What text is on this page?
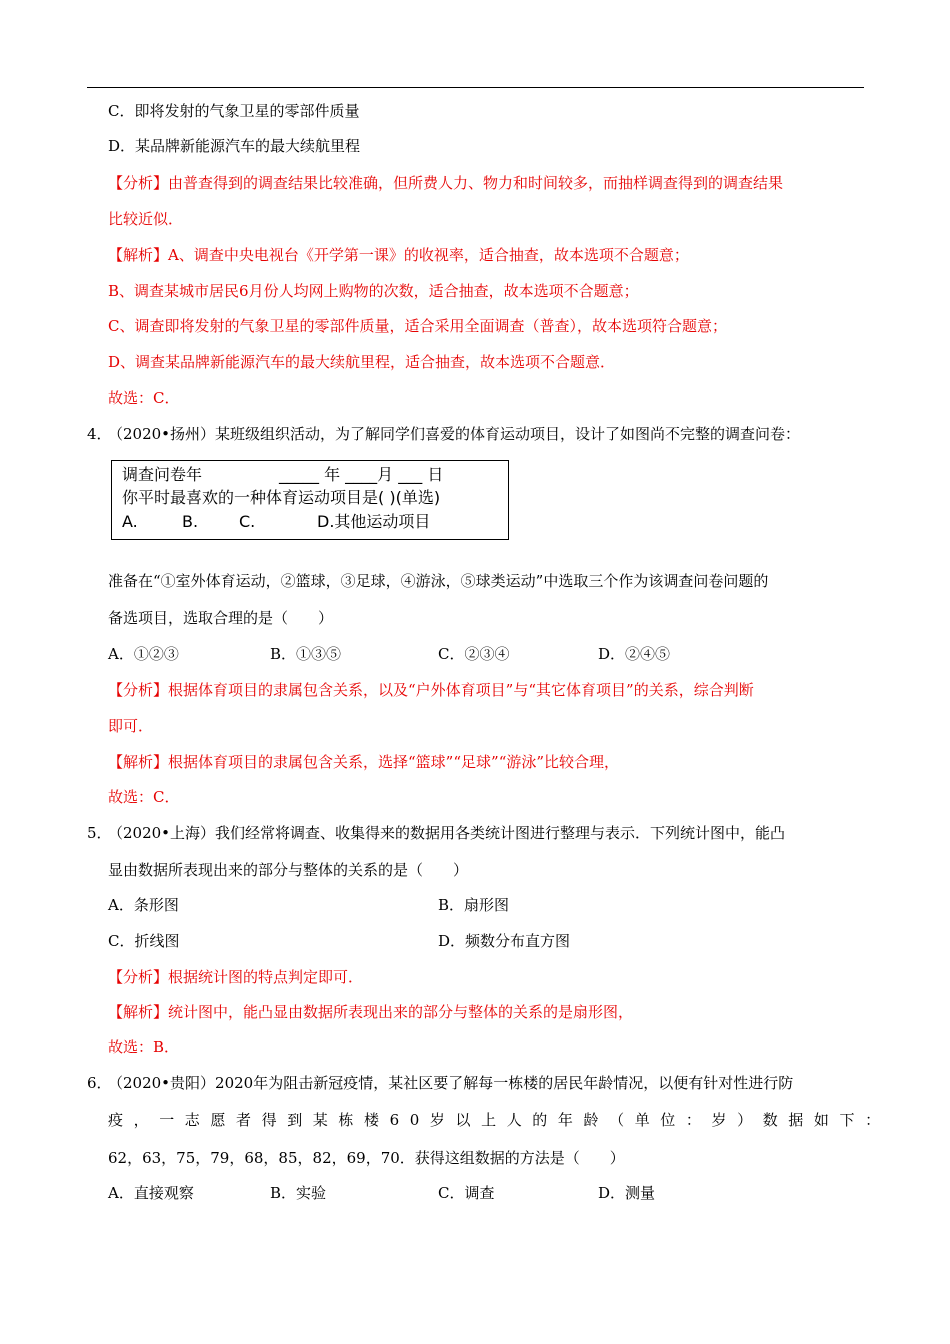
C．即将发射的气象卫星的零部件质量
D．某品牌新能源汽车的最大续航里程
【分析】由普查得到的调查结果比较准确，但所费人力、物力和时间较多，而抽样调查得到的调查结果
比较近似．
【解析】A、调查中央电视台《开学第一课》的收视率，适合抽查，故本选项不合题意；
B、调查某城市居民6月份人均网上购物的次数，适合抽查，故本选项不合题意；
C、调查即将发射的气象卫星的零部件质量，适合采用全面调查（普查），故本选项符合题意；
D、调查某品牌新能源汽车的最大续航里程，适合抽查，故本选项不合题意．
故选：C．
4．（2020•扬州）某班级组织活动，为了解同学们喜爱的体育运动项目，设计了如图尚不完整的调查问卷：
调查问卷年	_____ 年 ____月 ___ 日
你平时最喜欢的一种体育运动项目是( )(单选)
A.	B.	C.	D.其他运动项目
准备在“①室外体育运动，②篮球，③足球，④游泳，⑤球类运动”中选取三个作为该调查问卷问题的
备选项目，选取合理的是（　　）
A．①②③	B．①③⑤	C．②③④	D．②④⑤
【分析】根据体育项目的隶属包含关系，以及“户外体育项目”与“其它体育项目”的关系，综合判断
即可．
【解析】根据体育项目的隶属包含关系，选择“篮球”“足球”“游泳”比较合理，
故选：C．
5．（2020•上海）我们经常将调查、收集得来的数据用各类统计图进行整理与表示．下列统计图中，能凸
显由数据所表现出来的部分与整体的关系的是（　　）
A．条形图	B．扇形图
C．折线图	D．频数分布直方图
【分析】根据统计图的特点判定即可．
【解析】统计图中，能凸显由数据所表现出来的部分与整体的关系的是扇形图，
故选：B．
6．（2020•贵阳）2020年为阻击新冠疫情，某社区要了解每一栋楼的居民年龄情况，以便有针对性进行防
疫，一志愿者得到某栋楼60岁以上人的年龄（单位：岁）数据如下：
62，63，75，79，68，85，82，69，70．获得这组数据的方法是（　　）
A．直接观察	B．实验	C．调查	D．测量
